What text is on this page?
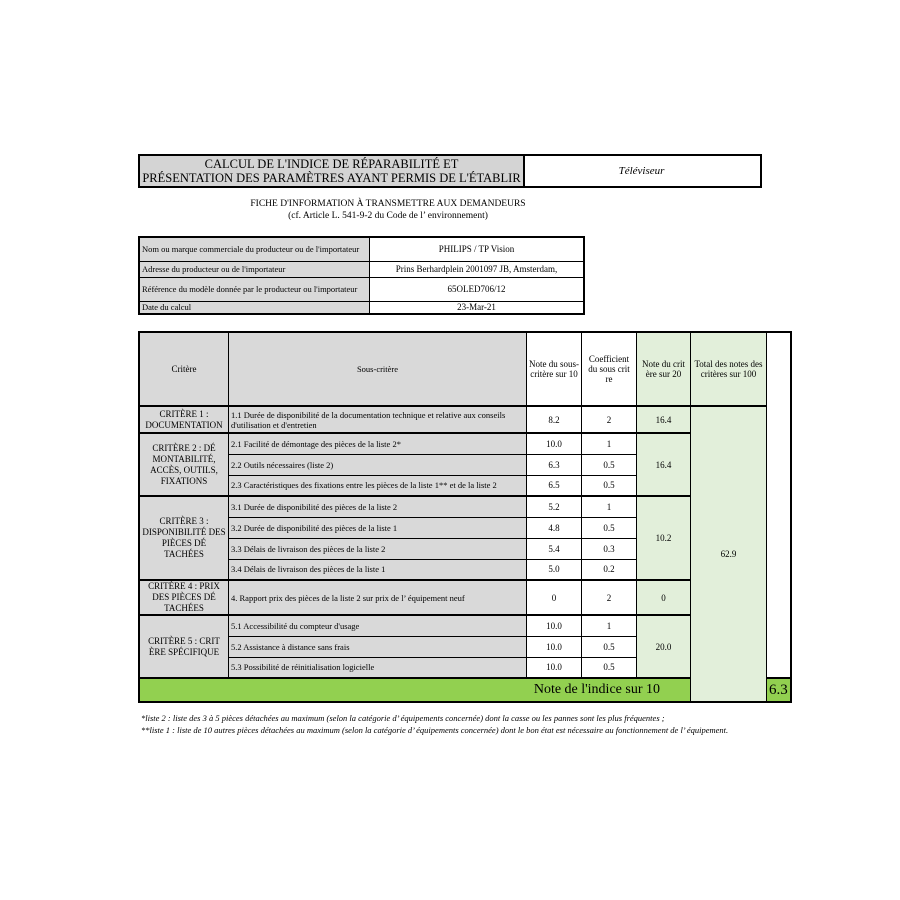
CALCUL DE L'INDICE DE RÉPARABILITÉ ET
PRÉSENTATION DES PARAMÈTRES AYANT PERMIS DE L'ÉTABLIR	Téléviseur
FICHE D'INFORMATION À TRANSMETTRE AUX DEMANDEURS
(cf. Article L. 541-9-2 du Code de l’ environnement)
Nom ou marque commerciale du producteur ou de l'importateur	PHILIPS / TP Vision
Adresse du producteur ou de l'importateur	Prins Berhardplein 2001097 JB, Amsterdam,
Référence du modèle donnée par le producteur ou l'importateur	65OLED706/12
Date du calcul	23-Mar-21
Critère	Sous-critère	Note du sous-critère sur 10	Coefficient du sous crit re	Note du crit ère sur 20	Total des notes des critères sur 100	
CRITÈRE 1 : DOCUMENTATION	1.1 Durée de disponibilité de la documentation technique et relative aux conseils d'utilisation et d'entretien	8.2	2	16.4	62.9	
CRITÈRE 2 : DÉ MONTABILITÉ, ACCÈS, OUTILS, FIXATIONS	2.1 Facilité de démontage des pièces de la liste 2*	10.0	1	16.4		
	2.2 Outils nécessaires (liste 2)	6.3	0.5			
	2.3 Caractéristiques des fixations entre les pièces de la liste 1** et de la liste 2	6.5	0.5			
CRITÈRE 3 : DISPONIBILITÉ DES PIÈCES DÉ TACHÉES	3.1 Durée de disponibilité des pièces de la liste 2	5.2	1	10.2		
	3.2 Durée de disponibilité des pièces de la liste 1	4.8	0.5			
	3.3 Délais de livraison des pièces de la liste 2	5.4	0.3			
	3.4 Délais de livraison des pièces de la liste 1	5.0	0.2			
CRITÈRE 4 : PRIX DES PIÈCES DÉ TACHÉES	4. Rapport prix des pièces de la liste 2 sur prix de l’ équipement neuf	0	2	0		
CRITÈRE 5 : CRIT ÈRE SPÉCIFIQUE	5.1 Accessibilité du compteur d'usage	10.0	1	20.0		
	5.2 Assistance à distance sans frais	10.0	0.5			
	5.3 Possibilité de réinitialisation logicielle	10.0	0.5			
Note de l'indice sur 10						6.3
*liste 2 : liste des 3 à 5 pièces détachées au maximum (selon la catégorie d’ équipements concernée) dont la casse ou les pannes sont les plus fréquentes ;
**liste 1 : liste de 10 autres pièces détachées au maximum (selon la catégorie d’ équipements concernée) dont le bon état est nécessaire au fonctionnement de l’ équipement.
